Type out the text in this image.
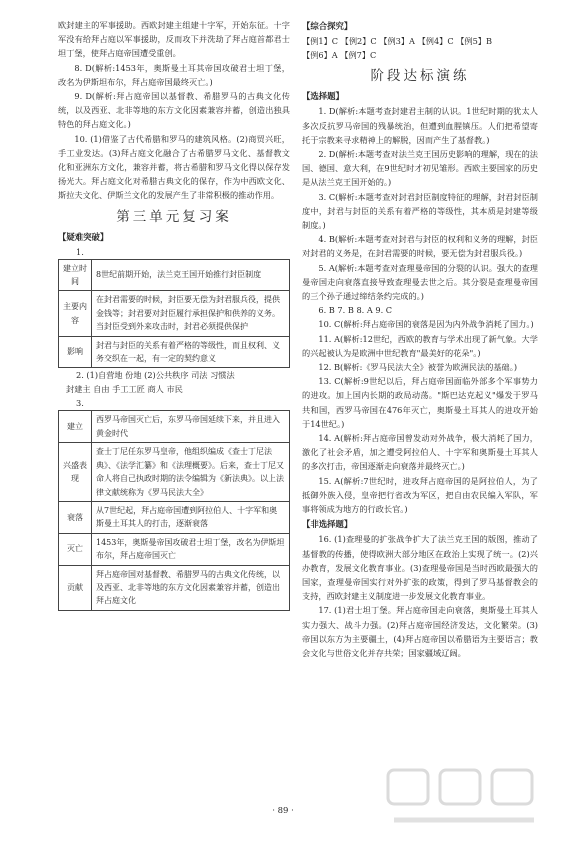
欧封建主的军事援助。西欧封建主组建十字军，开始东征。十字军没有给拜占庭以军事援助，反而攻下并洗劫了拜占庭首都君士坦丁堡，使拜占庭帝国遭受重创。

8. D(解析:1453年，奥斯曼土耳其帝国攻破君士坦丁堡，改名为伊斯坦布尔，拜占庭帝国最终灭亡。)

9. D(解析:拜占庭帝国以基督教、希腊罗马的古典文化传统，以及西亚、北非等地的东方文化因素兼容并蓄，创造出独具特色的拜占庭文化。)

10. (1)借鉴了古代希腊和罗马的建筑风格。(2)商贸兴旺，手工业发达。(3)拜占庭文化融合了古希腊罗马文化、基督教文化和亚洲东方文化，兼容并蓄，将古希腊和罗马文化得以保存发扬光大。拜占庭文化对希腊古典文化的保存，作为中西欧文化、斯拉夫文化、伊斯兰文化的发展产生了非常积极的推动作用。

第三单元复习案
【疑难突破】
1.
建立时间	8世纪前期开始，法兰克王国开始推行封臣制度
主要内容	在封君需要的时候，封臣要无偿为封君服兵役，提供金钱等；封君要对封臣履行承担保护和供养的义务。当封臣受到外来攻击时，封君必须提供保护
影响	封君与封臣的关系有着严格的等级性，而且权利、义务交织在一起，有一定的契约意义
2. (1)自营地 份地 (2)公共秩序 司法 习惯法
封建主 自由 手工工匠 商人 市民
3.
建立	西罗马帝国灭亡后，东罗马帝国延续下来，并且进入黄金时代
兴盛表现	查士丁尼任东罗马皇帝，他组织编成《查士丁尼法典》、《法学汇纂》和《法理概要》。后来，查士丁尼又命人将自己执政时期的法令编辑为《新法典》。以上法律文献统称为《罗马民法大全》
衰落	从7世纪起，拜占庭帝国遭到阿拉伯人、十字军和奥斯曼土耳其人的打击，逐渐衰落
灭亡	1453年，奥斯曼帝国攻破君士坦丁堡，改名为伊斯坦布尔，拜占庭帝国灭亡
贡献	拜占庭帝国对基督教、希腊罗马的古典文化传统，以及西亚、北非等地的东方文化因素兼容并蓄，创造出拜占庭文化
【综合探究】

【例1】C 【例2】C 【例3】A 【例4】C 【例5】B

【例6】A 【例7】C

阶段达标演练
【选择题】

1. D(解析:本题考查封建君主制的认识。1世纪时期的犹太人多次反抗罗马帝国的残暴统治，但遭到血腥镇压。人们把希望寄托于宗教来寻求精神上的解脱，因而产生了基督教。)

2. D(解析:本题考查对法兰克王国历史影响的理解，现在的法国、德国、意大利，在9世纪时才初见雏形。西欧主要国家的历史是从法兰克王国开始的。)

3. C(解析:本题考查对封君封臣制度特征的理解，封君封臣制度中，封君与封臣的关系有着严格的等级性，其本质是封建等级制度。)

4. B(解析:本题考查对封君与封臣的权利和义务的理解，封臣对封君的义务是，在封君需要的时候，要无偿为封君服兵役。)

5. A(解析:本题考查对查理曼帝国的分裂的认识。强大的查理曼帝国走向衰落直接导致查理曼去世之后。其分裂是查理曼帝国的三个孙子通过缔结条约完成的。)

6. B 7. B 8. A 9. C

10. C(解析:拜占庭帝国的衰落是因为内外战争消耗了国力。)

11. A(解析:12世纪，西欧的教育与学术出现了新气象。大学的兴起被认为是欧洲中世纪教育"最美好的花朵"。)

12. B(解析:《罗马民法大全》被誉为欧洲民法的基础。)

13. C(解析:9世纪以后，拜占庭帝国面临外部多个军事势力的进攻。加上国内长期的政局动荡。"斯巴达克起义"爆发于罗马共和国，西罗马帝国在476年灭亡，奥斯曼土耳其人的进攻开始于14世纪。)

14. A(解析:拜占庭帝国曾发动对外战争，极大消耗了国力，激化了社会矛盾，加之遭受阿拉伯人、十字军和奥斯曼土耳其人的多次打击，帝国逐渐走向衰落并最终灭亡。)

15. A(解析:7世纪时，进攻拜占庭帝国的是阿拉伯人，为了抵御外族入侵，皇帝把行省改为军区，把自由农民编入军队，军事将领成为地方的行政长官。)

【非选择题】

16. (1)查理曼的扩张战争扩大了法兰克王国的版图，推动了基督教的传播，使得欧洲大部分地区在政治上实现了统一。(2)兴办教育，发展文化教育事业。(3)查理曼帝国是当时西欧最强大的国家，查理曼帝国实行对外扩张的政策，得到了罗马基督教会的支持，西欧封建主义制度进一步发展文化教育事业。

17. (1)君士坦丁堡。拜占庭帝国走向衰落，奥斯曼土耳其人实力强大、战斗力强。(2)拜占庭帝国经济发达，文化繁荣。(3)帝国以东方为主要疆土，(4)拜占庭帝国以希腊语为主要语言；教会文化与世俗文化并存共荣；国家疆域辽阔。

· 89 ·
